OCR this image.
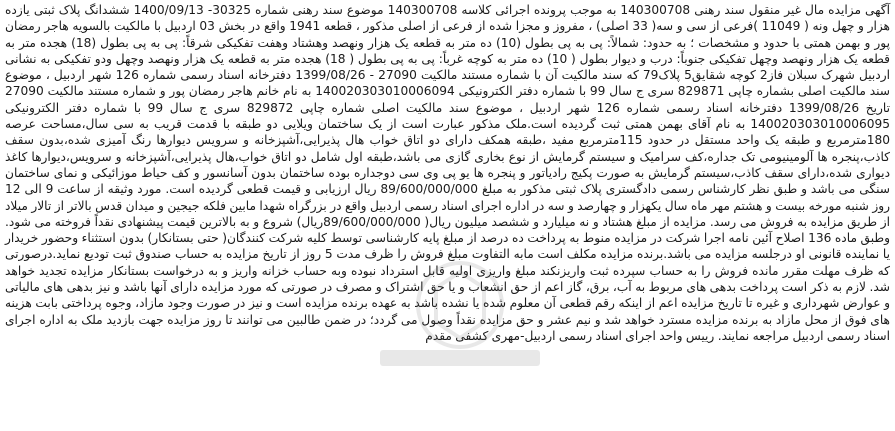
آگهی مزایده مال غیر منقول سند رهنی 140300708 به موجب پرونده اجرائی کلاسه 140300708 موضوع سند رهنی شماره 30325- 1400/09/13 ششدانگ پلاک ثبتی یازده هزار و چهل ونه ( 11049 )فرعی از سی و سه( 33 اصلی) ، مفروز و مجزا شده از فرعی از اصلی مذکور ، قطعه 1941 واقع در بخش 03 اردبیل با مالکیت بالسویه هاجر رمضان پور و بهمن همتی با حدود و مشخصات ؛ به حدود: شمالاً: پی به پی بطول (10) ده متر به قطعه یک هزار ونهصد وهشتاد وهفت تفکیکی شرقاً: پی به پی بطول (18) هجده متر به قطعه یک هزار ونهصد وچهل تفکیکی جنوباً: درب و دیوار بطول ( 10) ده متر به کوچه غرباً: پی به پی بطول ( 18) هجده متر به قطعه یک هزار ونهصد وچهل ودو تفکیکی به نشانی اردبیل شهرک سبلان فاز2 کوچه شقایق5 پلاک79 که سند مالکیت آن با شماره مستند مالکیت 27090 - 1399/08/26 دفترخانه اسناد رسمی شماره 126 شهر اردبیل ، موضوع سند مالکیت اصلی بشماره چاپی 829871 سری ج سال 99 با شماره دفتر الکترونیکی 140020303010006094 به نام خانم هاجر رمضان پور و شماره مستند مالکیت 27090 تاریخ 1399/08/26 دفترخانه اسناد رسمی شماره 126 شهر اردبیل ، موضوع سند مالکیت اصلی شماره چاپی 829872 سری ج سال 99 با شماره دفتر الکترونیکی 140020303010006095 به نام آقای بهمن همتی ثبت گردیده است.ملک مذکور عبارت است از یک ساختمان ویلایی دو طبقه با قدمت قریب به سی سال،مساحت عرصه 180مترمربع و طبقه یک واحد مستقل در حدود 115مترمربع مفید ،طبقه همکف دارای دو اتاق خواب هال پذیرایی،آشپزخانه و سرویس دیوارها رنگ آمیزی شده،بدون سقف کاذب،پنجره ها آلومینیومی تک جداره،کف سرامیک و سیستم گرمایش از نوع بخاری گازی می باشد،طبقه اول شامل دو اتاق خواب،هال پذیرایی،آشپزخانه و سرویس،دیوارها کاغذ دیواری شده،دارای سقف کاذب،سیستم گرمایش به صورت پکیج رادیاتور و پنجره ها یو پی وی سی دوجداره بوده ساختمان بدون آسانسور و کف حیاط موزائیکی و نمای ساختمان سنگی می باشد و طبق نظر کارشناس رسمی دادگستری پلاک ثبتی مذکور به مبلغ 89/600/000/000 ریال ارزیابی و قیمت قطعی گردیده است. مورد وثیقه از ساعت 9 الی 12 روز شنبه مورخه بیست و هشتم مهر ماه سال یکهزار و چهارصد و سه در اداره اجرای اسناد رسمی اردبیل واقع در بزرگراه شهدا مابین فلکه جیجین و میدان قدس بالاتر از تالار میلاد از طریق مزایده به فروش می رسد. مزایده از مبلغ هشتاد و نه میلیارد و ششصد میلیون ریال( 89/600/000/000ریال) شروع و به بالاترین قیمت پیشنهادی نقداً فروخته می شود. وطبق ماده 136 اصلاح آئین نامه اجرا شرکت در مزایده منوط به پرداخت ده درصد از مبلغ پایه کارشناسی توسط کلیه شرکت کنندگان( حتی بستانکار) بدون استثناء وحضور خریدار یا نماینده قانونی او درجلسه مزایده می باشد.برنده مزایده مکلف است مابه التفاوت مبلغ فروش را ظرف مدت 5 روز از تاریخ مزایده به حساب صندوق ثبت تودیع نماید.درصورتی که ظرف مهلت مقرر مانده فروش را به حساب سپرده ثبت واریزنکند مبلغ واریزی اولیه قابل استرداد نبوده وبه حساب خزانه واریز و به درخواست بستانکار مزایده تجدید خواهد شد. لازم به ذکر است پرداخت بدهی های مربوط به آب، برق، گاز اعم از حق انشعاب و یا حق اشتراک و مصرف در صورتی که مورد مزایده دارای آنها باشد و نیز بدهی های مالیاتی و عوارض شهرداری و غیره تا تاریخ مزایده اعم از اینکه رقم قطعی آن معلوم شده یا نشده باشد به عهده برنده مزایده است و نیز در صورت وجود مازاد، وجوه پرداختی بابت هزینه های فوق از محل مازاد به برنده مزایده مسترد خواهد شد و نیم عشر و حق مزایده نقداً وصول می گردد؛ در ضمن طالبین می توانند تا روز مزایده جهت بازدید ملک به اداره اجرای اسناد رسمی اردبیل مراجعه نمایند. رییس واحد اجرای اسناد رسمی اردبیل-مهری کشفی مقدم
